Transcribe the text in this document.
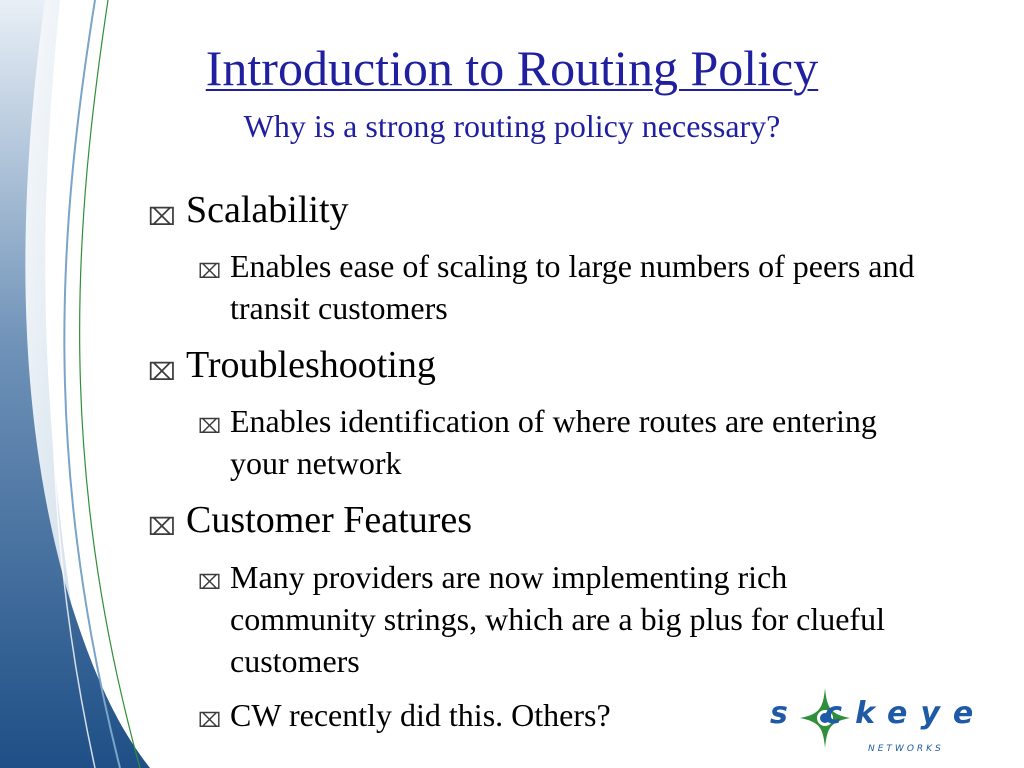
Introduction to Routing Policy
Why is a strong routing policy necessary?
⌧ Scalability
⌧ Enables ease of scaling to large numbers of peers and transit customers
⌧ Troubleshooting
⌧ Enables identification of where routes are entering your network
⌧ Customer Features
⌧ Many providers are now implementing rich community strings, which are a big plus for clueful customers
⌧ CW recently did this. Others?	s ckeye
NETWORKS
